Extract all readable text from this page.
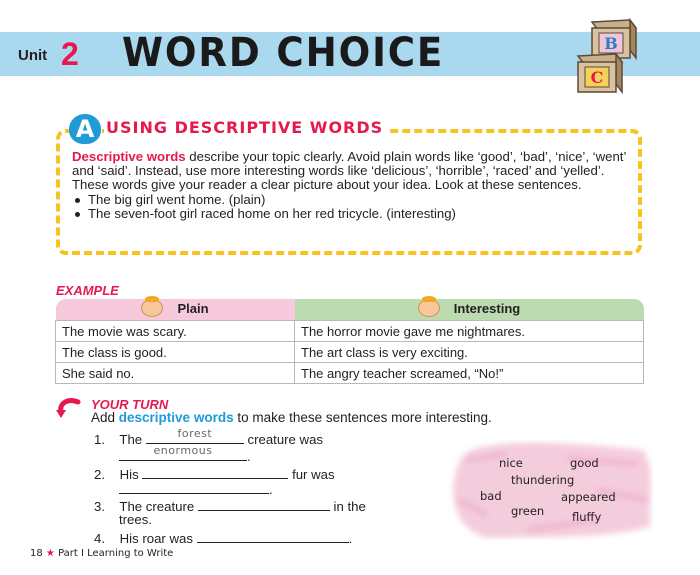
Unit 2 WORD CHOICE	B
C
A USING DESCRIPTIVE WORDS

Descriptive words describe your topic clearly. Avoid plain words like ‘good’, ‘bad’, ‘nice’, ‘went’ and ‘said’. Instead, use more interesting words like ‘delicious’, ‘horrible’, ‘raced’ and ‘yelled’. These words give your reader a clear picture about your idea. Look at these sentences.

The big girl went home. (plain)
The seven-foot girl raced home on her red tricycle. (interesting)
EXAMPLE
Plain	Interesting

The movie was scary.	The horror movie gave me nightmares.
The class is good.	The art class is very exciting.
She said no.	The angry teacher screamed, “No!”
YOUR TURN
Add descriptive words to make these sentences more interesting.
1. The	forest	creature was
enormous	.
2. His	fur was
.
3. The creature	in the
trees.
4. His roar was	.
nice	good
thundering
bad	appeared
green fluffy
18 ★ Part I Learning to Write
